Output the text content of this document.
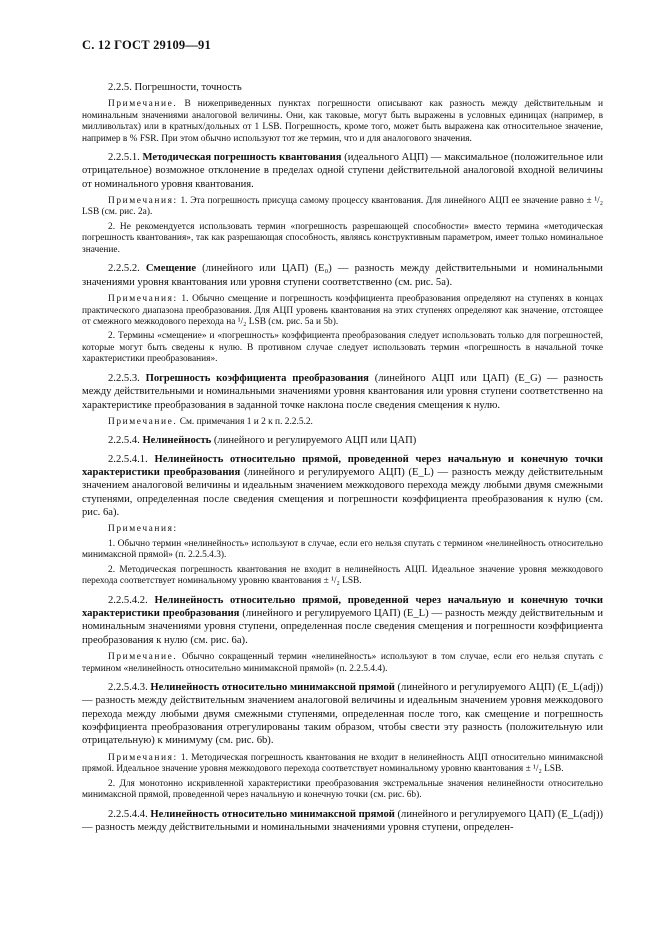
С. 12 ГОСТ 29109—91

2.2.5. Погрешности, точность

Примечание. В нижеприведенных пунктах погрешности описывают как разность между действительным и номинальным значениями аналоговой величины. Они, как таковые, могут быть выражены в условных единицах (например, в милливольтах) или в кратных/дольных от 1 LSB. Погрешность, кроме того, может быть выражена как относительное значение, например в % FSR. При этом обычно используют тот же термин, что и для аналогового значения.

2.2.5.1. Методическая погрешность квантования (идеального АЦП) — максимальное (положительное или отрицательное) возможное отклонение в пределах одной ступени действительной аналоговой входной величины от номинального уровня квантования.

Примечания: 1. Эта погрешность присуща самому процессу квантования. Для линейного АЦП ее значение равно ± ¹/₂ LSB (см. рис. 2а).

2. Не рекомендуется использовать термин «погрешность разрешающей способности» вместо термина «методическая погрешность квантования», так как разрешающая способность, являясь конструктивным параметром, имеет только номинальное значение.

2.2.5.2. Смещение (линейного или ЦАП) (E₀) — разность между действительными и номинальными значениями уровня квантования или уровня ступени соответственно (см. рис. 5а).

Примечания: 1. Обычно смещение и погрешность коэффициента преобразования определяют на ступенях в концах практического диапазона преобразования. Для АЦП уровень квантования на этих ступенях определяют как значение, отстоящее от смежного межкодового перехода на ¹/₂ LSB (см. рис. 5а и 5b).

2. Термины «смещение» и «погрешность» коэффициента преобразования следует использовать только для погрешностей, которые могут быть сведены к нулю. В противном случае следует использовать термин «погрешность в начальной точке характеристики преобразования».

2.2.5.3. Погрешность коэффициента преобразования (линейного АЦП или ЦАП) (E_G) — разность между действительными и номинальными значениями уровня квантования или уровня ступени соответственно на характеристике преобразования в заданной точке наклона после сведения смещения к нулю.

Примечание. См. примечания 1 и 2 к п. 2.2.5.2.

2.2.5.4. Нелинейность (линейного и регулируемого АЦП или ЦАП)

2.2.5.4.1. Нелинейность относительно прямой, проведенной через начальную и конечную точки характеристики преобразования (линейного и регулируемого АЦП) (E_L) — разность между действительным значением аналоговой величины и идеальным значением межкодового перехода между любыми двумя смежными ступенями, определенная после сведения смещения и погрешности коэффициента преобразования к нулю (см. рис. 6а).

Примечания:

1. Обычно термин «нелинейность» используют в случае, если его нельзя спутать с термином «нелинейность относительно минимаксной прямой» (п. 2.2.5.4.3).

2. Методическая погрешность квантования не входит в нелинейность АЦП. Идеальное значение уровня межкодового перехода соответствует номинальному уровню квантования ± ¹/₂ LSB.

2.2.5.4.2. Нелинейность относительно прямой, проведенной через начальную и конечную точки характеристики преобразования (линейного и регулируемого ЦАП) (E_L) — разность между действительным и номинальным значениями уровня ступени, определенная после сведения смещения и погрешности коэффициента преобразования к нулю (см. рис. 6а).

Примечание. Обычно сокращенный термин «нелинейность» используют в том случае, если его нельзя спутать с термином «нелинейность относительно минимаксной прямой» (п. 2.2.5.4.4).

2.2.5.4.3. Нелинейность относительно минимаксной прямой (линейного и регулируемого АЦП) (E_L(adj)) — разность между действительным значением аналоговой величины и идеальным значением уровня межкодового перехода между любыми двумя смежными ступенями, определенная после того, как смещение и погрешность коэффициента преобразования отрегулированы таким образом, чтобы свести эту разность (положительную или отрицательную) к минимуму (см. рис. 6b).

Примечания: 1. Методическая погрешность квантования не входит в нелинейность АЦП относительно минимаксной прямой. Идеальное значение уровня межкодового перехода соответствует номинальному уровню квантования ± ¹/₂ LSB.

2. Для монотонно искривленной характеристики преобразования экстремальные значения нелинейности относительно минимаксной прямой, проведенной через начальную и конечную точки (см. рис. 6b).

2.2.5.4.4. Нелинейность относительно минимаксной прямой (линейного и регулируемого ЦАП) (E_L(adj)) — разность между действительными и номинальными значениями уровня ступени, определен-
